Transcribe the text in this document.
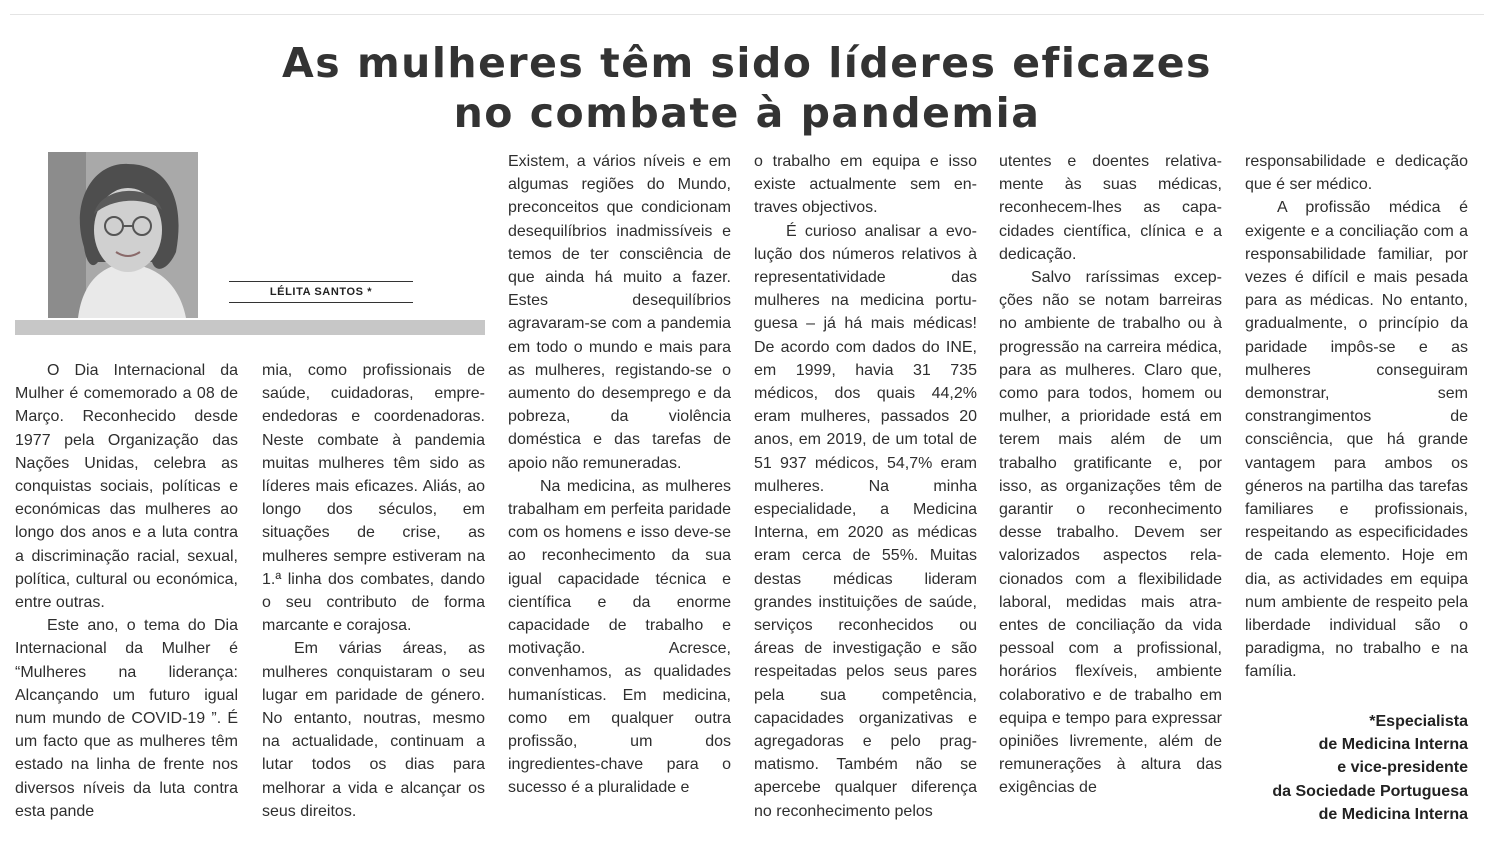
As mulheres têm sido líderes eficazes
no combate à pandemia
LÉLITA SANTOS *

O Dia Internacional da Mulher é comemorado a 08 de Março. Reconhecido desde 1977 pela Organização das Nações Unidas, celebra as conquistas sociais, políticas e económicas das mulheres ao longo dos anos e a luta contra a discriminação racial, sexual, política, cultural ou económica, entre outras.

Este ano, o tema do Dia Internacional da Mulher é “Mulheres na liderança: Alcançando um futuro igual num mundo de COVID-19 ”. É um facto que as mulheres têm estado na linha de frente nos diversos níveis da luta contra esta pande

mia, como profissionais de saúde, cuidadoras, empreendedoras e coordenadoras. Neste combate à pandemia muitas mulheres têm sido as líderes mais eficazes. Aliás, ao longo dos séculos, em situações de crise, as mulheres sempre estiveram na 1.ª linha dos combates, dando o seu contributo de forma marcante e corajosa.

Em várias áreas, as mulheres conquistaram o seu lugar em paridade de género. No entanto, noutras, mesmo na actualidade, continuam a lutar todos os dias para melhorar a vida e alcançar os seus direitos.

Existem, a vários níveis e em algumas regiões do Mundo, preconceitos que condicionam desequilíbrios inadmissíveis e temos de ter consciência de que ainda há muito a fazer. Estes desequilíbrios agravaram-se com a pandemia em todo o mundo e mais para as mulheres, registando-se o aumento do desemprego e da pobreza, da violência doméstica e das tarefas de apoio não remuneradas.

Na medicina, as mulheres trabalham em perfeita paridade com os homens e isso deve-se ao reconhecimento da sua igual capacidade técnica e científica e da enorme capacidade de trabalho e motivação. Acresce, convenhamos, as qualidades humanísticas. Em medicina, como em qualquer outra profissão, um dos ingredientes-chave para o sucesso é a pluralidade e

o trabalho em equipa e isso existe actualmente sem entraves objectivos.

É curioso analisar a evolução dos números relativos à representatividade das mulheres na medicina portuguesa – já há mais médicas! De acordo com dados do INE, em 1999, havia 31 735 médicos, dos quais 44,2% eram mulheres, passados 20 anos, em 2019, de um total de 51 937 médicos, 54,7% eram mulheres. Na minha especialidade, a Medicina Interna, em 2020 as médicas eram cerca de 55%. Muitas destas médicas lideram grandes instituições de saúde, serviços reconhecidos ou áreas de investigação e são respeitadas pelos seus pares pela sua competência, capacidades organizativas e agregadoras e pelo pragmatismo. Também não se apercebe qualquer diferença no reconhecimento pelos

utentes e doentes relativamente às suas médicas, reconhecem-lhes as capacidades científica, clínica e a dedicação.

Salvo raríssimas excepções não se notam barreiras no ambiente de trabalho ou à progressão na carreira médica, para as mulheres. Claro que, como para todos, homem ou mulher, a prioridade está em terem mais além de um trabalho gratificante e, por isso, as organizações têm de garantir o reconhecimento desse trabalho. Devem ser valorizados aspectos relacionados com a flexibilidade laboral, medidas mais atraentes de conciliação da vida pessoal com a profissional, horários flexíveis, ambiente colaborativo e de trabalho em equipa e tempo para expressar opiniões livremente, além de remunerações à altura das exigências de

responsabilidade e dedicação que é ser médico.

A profissão médica é exigente e a conciliação com a responsabilidade familiar, por vezes é difícil e mais pesada para as médicas. No entanto, gradualmente, o princípio da paridade impôs-se e as mulheres conseguiram demonstrar, sem constrangimentos de consciência, que há grande vantagem para ambos os géneros na partilha das tarefas familiares e profissionais, respeitando as especificidades de cada elemento. Hoje em dia, as actividades em equipa num ambiente de respeito pela liberdade individual são o paradigma, no trabalho e na família.

*Especialista
de Medicina Interna
e vice-presidente
da Sociedade Portuguesa
de Medicina Interna
